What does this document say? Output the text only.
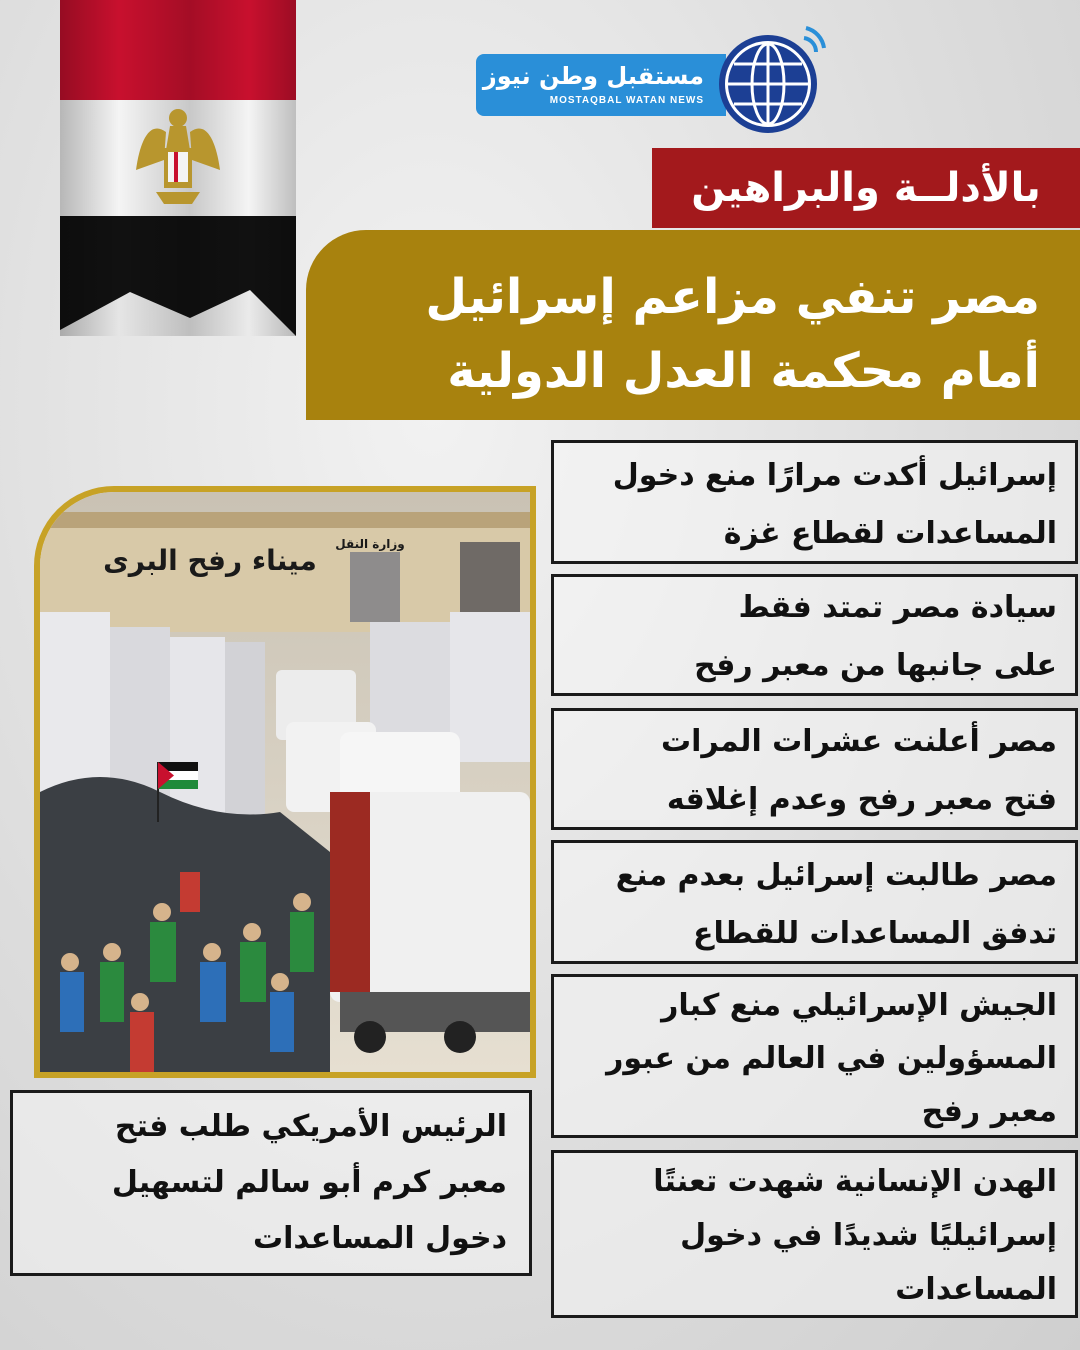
مستقبل وطن نيوز
MOSTAQBAL WATAN NEWS
بالأدلــة والبراهين
مصر تنفي مزاعم إسرائيل
أمام محكمة العدل الدولية
ميناء رفح البرى وزارة النقل
إسرائيل أكدت مرارًا منع دخول
المساعدات لقطاع غزة
سيادة مصر تمتد فقط
على جانبها من معبر رفح
مصر أعلنت عشرات المرات
فتح معبر رفح وعدم إغلاقه
مصر طالبت إسرائيل بعدم منع
تدفق المساعدات للقطاع
الجيش الإسرائيلي منع كبار
المسؤولين في العالم من عبور
معبر رفح
الهدن الإنسانية شهدت تعنتًا
إسرائيليًا شديدًا في دخول
المساعدات
الرئيس الأمريكي طلب فتح
معبر كرم أبو سالم لتسهيل
دخول المساعدات
